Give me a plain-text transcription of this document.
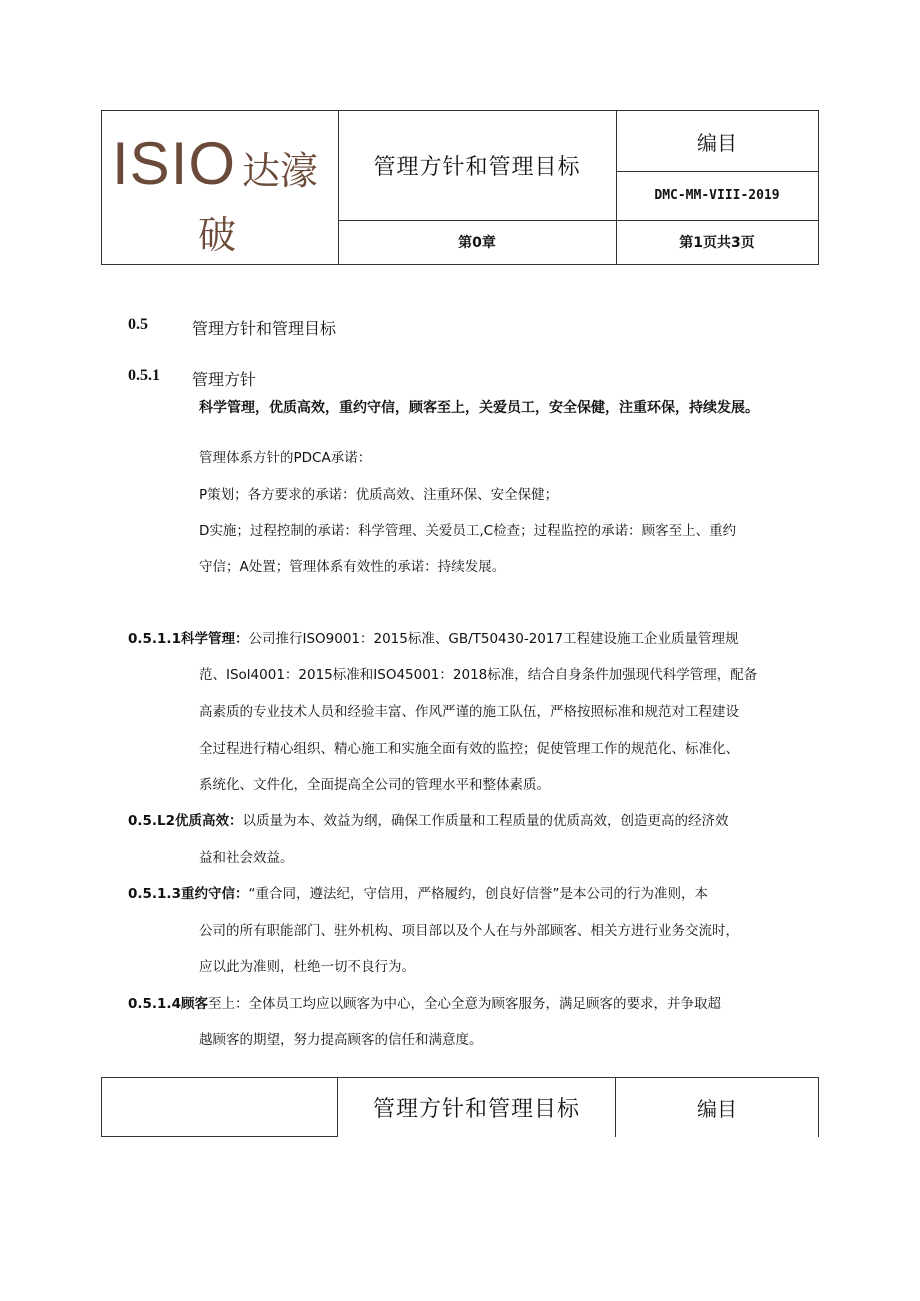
ISIO 达濠
破
管理方针和管理目标
第0章
编目
DMC-MM-VIII-2019
第1页共3页
0.5	管理方针和管理目标
0.5.1 管理方针
科学管理，优质高效，重约守信，顾客至上，关爱员工，安全保健，注重环保，持续发展。
管理体系方针的PDCA承诺：
P策划；各方要求的承诺：优质高效、注重环保、安全保健；
D实施；过程控制的承诺：科学管理、关爱员工,C检查；过程监控的承诺：顾客至上、重约
守信；A处置；管理体系有效性的承诺：持续发展。
0.5.1.1科学管理：公司推行ISO9001：2015标准、GB/T50430-2017工程建设施工企业质量管理规
范、ISol4001：2015标准和ISO45001：2018标准，结合自身条件加强现代科学管理，配备
高素质的专业技术人员和经验丰富、作风严谨的施工队伍，严格按照标准和规范对工程建设
全过程进行精心组织、精心施工和实施全面有效的监控；促使管理工作的规范化、标准化、
系统化、文件化，全面提高全公司的管理水平和整体素质。
0.5.L2优质高效：以质量为本、效益为纲，确保工作质量和工程质量的优质高效，创造更高的经济效
益和社会效益。
0.5.1.3重约守信：“重合同，遵法纪，守信用，严格履约，创良好信誉”是本公司的行为准则，本
公司的所有职能部门、驻外机构、项目部以及个人在与外部顾客、相关方进行业务交流时，
应以此为准则，杜绝一切不良行为。
0.5.1.4顾客至上：全体员工均应以顾客为中心，全心全意为顾客服务，满足顾客的要求，并争取超
越顾客的期望，努力提高顾客的信任和满意度。
管理方针和管理目标	编目
